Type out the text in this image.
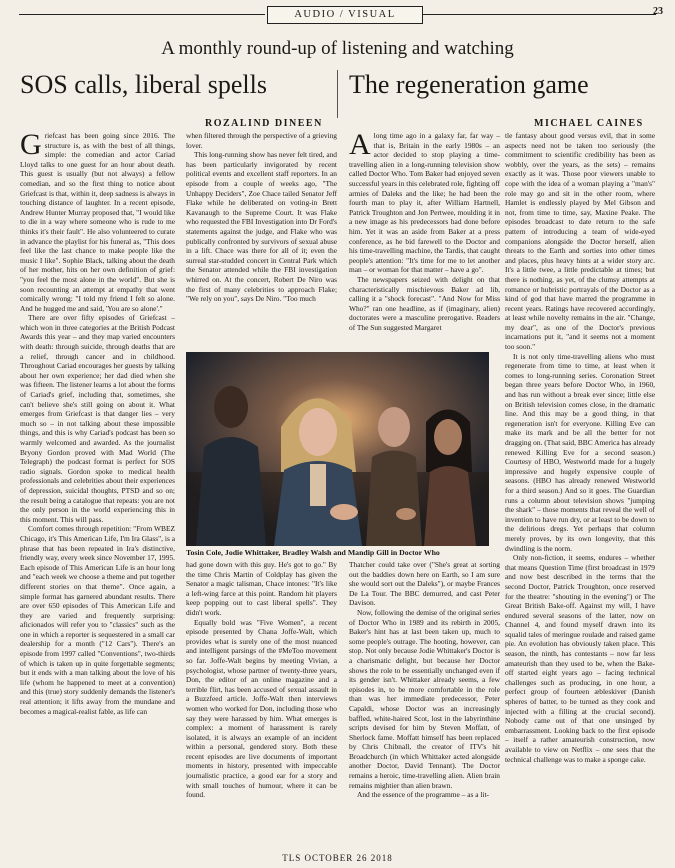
AUDIO / VISUAL	23
A monthly round-up of listening and watching
SOS calls, liberal spells	The regeneration game
ROZALIND DINEEN	MICHAEL CAINES

Griefcast has been going since 2016. The structure is, as with the best of all things, simple: the comedian and actor Cariad Lloyd talks to one guest for an hour about death. This guest is usually (but not always) a fellow comedian, and so the first thing to notice about Griefcast is that, within it, deep sadness is always in touching distance of laughter. In a recent episode, Andrew Hunter Murray proposed that, "I would like to die in a way where someone who is rude to me thinks it's their fault". He also volunteered to curate in advance the playlist for his funeral as, "This does feel like the last chance to make people like the music I like". Sophie Black, talking about the death of her mother, hits on her own definition of grief: "you feel the most alone in the world". But she is soon recounting an attempt at empathy that went comically wrong: "I told my friend I felt so alone. And he hugged me and said, 'You are so alone'."

There are over fifty episodes of Griefcast – which won in three categories at the British Podcast Awards this year – and they map varied encounters with death: through suicide, through deaths that are a relief, through cancer and in childhood. Throughout Cariad encourages her guests by talking about her own experience; her dad died when she was fifteen. The listener learns a lot about the forms of Cariad's grief, including that, sometimes, she can't believe she's still going on about it. What emerges from Griefcast is that danger lies – very much so – in not talking about these impossible things, and this is why Cariad's podcast has been so warmly welcomed and awarded. As the journalist Bryony Gordon proved with Mad World (The Telegraph) the podcast format is perfect for SOS radio signals. Gordon spoke to medical health professionals and celebrities about their experiences of depression, suicidal thoughts, PTSD and so on; the result being a catalogue that repeats: you are not the only person in the world experiencing this in this moment. This will pass.

Comfort comes through repetition: "From WBEZ Chicago, it's This American Life, I'm Ira Glass", is a phrase that has been repeated in Ira's distinctive, friendly way, every week since November 17, 1995. Each episode of This American Life is an hour long and "each week we choose a theme and put together different stories on that theme". Once again, a simple format has garnered abundant results. There are over 650 episodes of This American Life and they are varied and frequently surprising: aficionados will refer you to "classics" such as the one in which a reporter is sequestered in a small car dealership for a month ("12 Cars"). There's an episode from 1997 called "Conventions", two-thirds of which is taken up in quite forgettable segments; but it ends with a man talking about the love of his life (whom he happened to meet at a convention) and this (true) story suddenly demands the listener's real attention; it lifts away from the mundane and becomes a magical-realist fable, as life can

when filtered through the perspective of a grieving lover.

This long-running show has never felt tired, and has been particularly invigorated by recent political events and excellent staff reporters. In an episode from a couple of weeks ago, "The Unhappy Deciders", Zoe Chace tailed Senator Jeff Flake while he deliberated on voting-in Brett Kavanaugh to the Supreme Court. It was Flake who requested the FBI Investigation into Dr Ford's statements against the judge, and Flake who was publically confronted by survivors of sexual abuse in a lift. Chace was there for all of it; even the surreal star-studded concert in Central Park which the Senator attended while the FBI investigation whirred on. At the concert, Robert De Niro was the first of many celebrities to approach Flake; "We rely on you", says De Niro. "Too much

Along time ago in a galaxy far, far way – that is, Britain in the early 1980s – an actor decided to stop playing a time-travelling alien in a long-running television show called Doctor Who. Tom Baker had enjoyed seven successful years in this celebrated role, fighting off armies of Daleks and the like; he had been the fourth man to play it, after William Hartnell, Patrick Troughton and Jon Pertwee, moulding it in a new image as his predecessors had done before him. Yet it was an aside from Baker at a press conference, as he bid farewell to the Doctor and his time-travelling machine, the Tardis, that caught people's attention: "It's time for me to let another man – or woman for that matter – have a go".

The newspapers seized with delight on that characteristically mischievous Baker ad lib, calling it a "shock forecast". "And Now for Miss Who?" ran one headline, as if (imaginary, alien) doctorates were a masculine prerogative. Readers of The Sun suggested Margaret

Tosin Cole, Jodie Whittaker, Bradley Walsh and Mandip Gill in Doctor Who

had gone down with this guy. He's got to go." By the time Chris Martin of Coldplay has given the Senator a magic talisman, Chace intones: "It's like a left-wing farce at this point. Random hit players keep popping out to cast liberal spells". They didn't work.

Equally bold was "Five Women", a recent episode presented by Chana Joffe-Walt, which provides what is surely one of the most nuanced and intelligent parsings of the #MeToo movement so far. Joffe-Walt begins by meeting Vivian, a psychologist, whose partner of twenty-three years, Don, the editor of an online magazine and a terrible flirt, has been accused of sexual assault in a Buzzfeed article. Joffe-Walt then interviews women who worked for Don, including those who say they were harassed by him. What emerges is complex: a moment of harassment is rarely isolated, it is always an example of an incident within a personal, gendered story. Both these recent episodes are live documents of important moments in history, presented with impeccable journalistic practice, a good ear for a story and with small touches of humour, where it can be found.

Thatcher could take over ("She's great at sorting out the baddies down here on Earth, so I am sure she would sort out the Daleks"), or maybe Frances De La Tour. The BBC demurred, and cast Peter Davison.

Now, following the demise of the original series of Doctor Who in 1989 and its rebirth in 2005, Baker's hint has at last been taken up, much to some people's outrage. The hooting, however, can stop. Not only because Jodie Whittaker's Doctor is a charismatic delight, but because her Doctor shows the role to be essentially unchanged even if its gender isn't. Whittaker already seems, a few episodes in, to be more comfortable in the role than was her immediate predecessor, Peter Capaldi, whose Doctor was an increasingly baffled, white-haired Scot, lost in the labyrinthine scripts devised for him by Steven Moffatt, of Sherlock fame. Moffatt himself has been replaced by Chris Chibnall, the creator of ITV's hit Broadchurch (in which Whittaker acted alongside another Doctor, David Tennant). The Doctor remains a heroic, time-travelling alien. Alien brain remains mightier than alien brawn.

And the essence of the programme – as a lit-

tle fantasy about good versus evil, that in some aspects need not be taken too seriously (the commitment to scientific credibility has been as wobbly, over the years, as the sets) – remains exactly as it was. Those poor viewers unable to cope with the idea of a woman playing a "man's" role may go and sit in the other room, where Hamlet is endlessly played by Mel Gibson and not, from time to time, say, Maxine Peake. The episodes broadcast to date return to the safe pattern of introducing a team of wide-eyed companions alongside the Doctor herself, alien threats to the Earth and sorties into other times and places, plus heavy hints at a wider story arc. It's a little twee, a little predictable at times; but there is nothing, as yet, of the clumsy attempts at romance or hubristic portrayals of the Doctor as a kind of god that have marred the programme in recent years. Ratings have recovered accordingly, at least while novelty remains in the air. "Change, my dear", as one of the Doctor's previous incarnations put it, "and it seems not a moment too soon."

It is not only time-travelling aliens who must regenerate from time to time, at least when it comes to long-running series. Coronation Street began three years before Doctor Who, in 1960, and has run without a break ever since; little else on British television comes close, in the dramatic line. And this may be a good thing, in that regeneration isn't for everyone. Killing Eve can make its mark and be all the better for not dragging on. (That said, BBC America has already renewed Killing Eve for a second season.) Courtesy of HBO, Westworld made for a hugely impressive and hugely expensive couple of seasons. (HBO has already renewed Westworld for a third season.) And so it goes. The Guardian runs a column about television shows "jumping the shark" – those moments that reveal the well of invention to have run dry, or at least to be down to the delirious dregs. Yet perhaps that column merely proves, by its own longevity, that this dwindling is the norm.

Only non-fiction, it seems, endures – whether that means Question Time (first broadcast in 1979 and now best described in the terms that the second Doctor, Patrick Troughton, once reserved for the theatre: "shouting in the evening") or The Great British Bake-off. Against my will, I have endured several seasons of the latter, now on Channel 4, and found myself drawn into its squalid tales of meringue roulade and raised game pie. An evolution has obviously taken place. This season, the ninth, has contestants – now far less amateurish than they used to be, when the Bake-off started eight years ago – facing technical challenges such as producing, in one hour, a perfect group of fourteen æbleskiver (Danish spheres of batter, to be turned as they cook and injected with a filling at the crucial second). Nobody came out of that one unsinged by embarrassment. Looking back to the first episode – itself a rather amateurish construction, now available to view on Netflix – one sees that the technical challenge was to make a sponge cake.

TLS OCTOBER 26 2018
